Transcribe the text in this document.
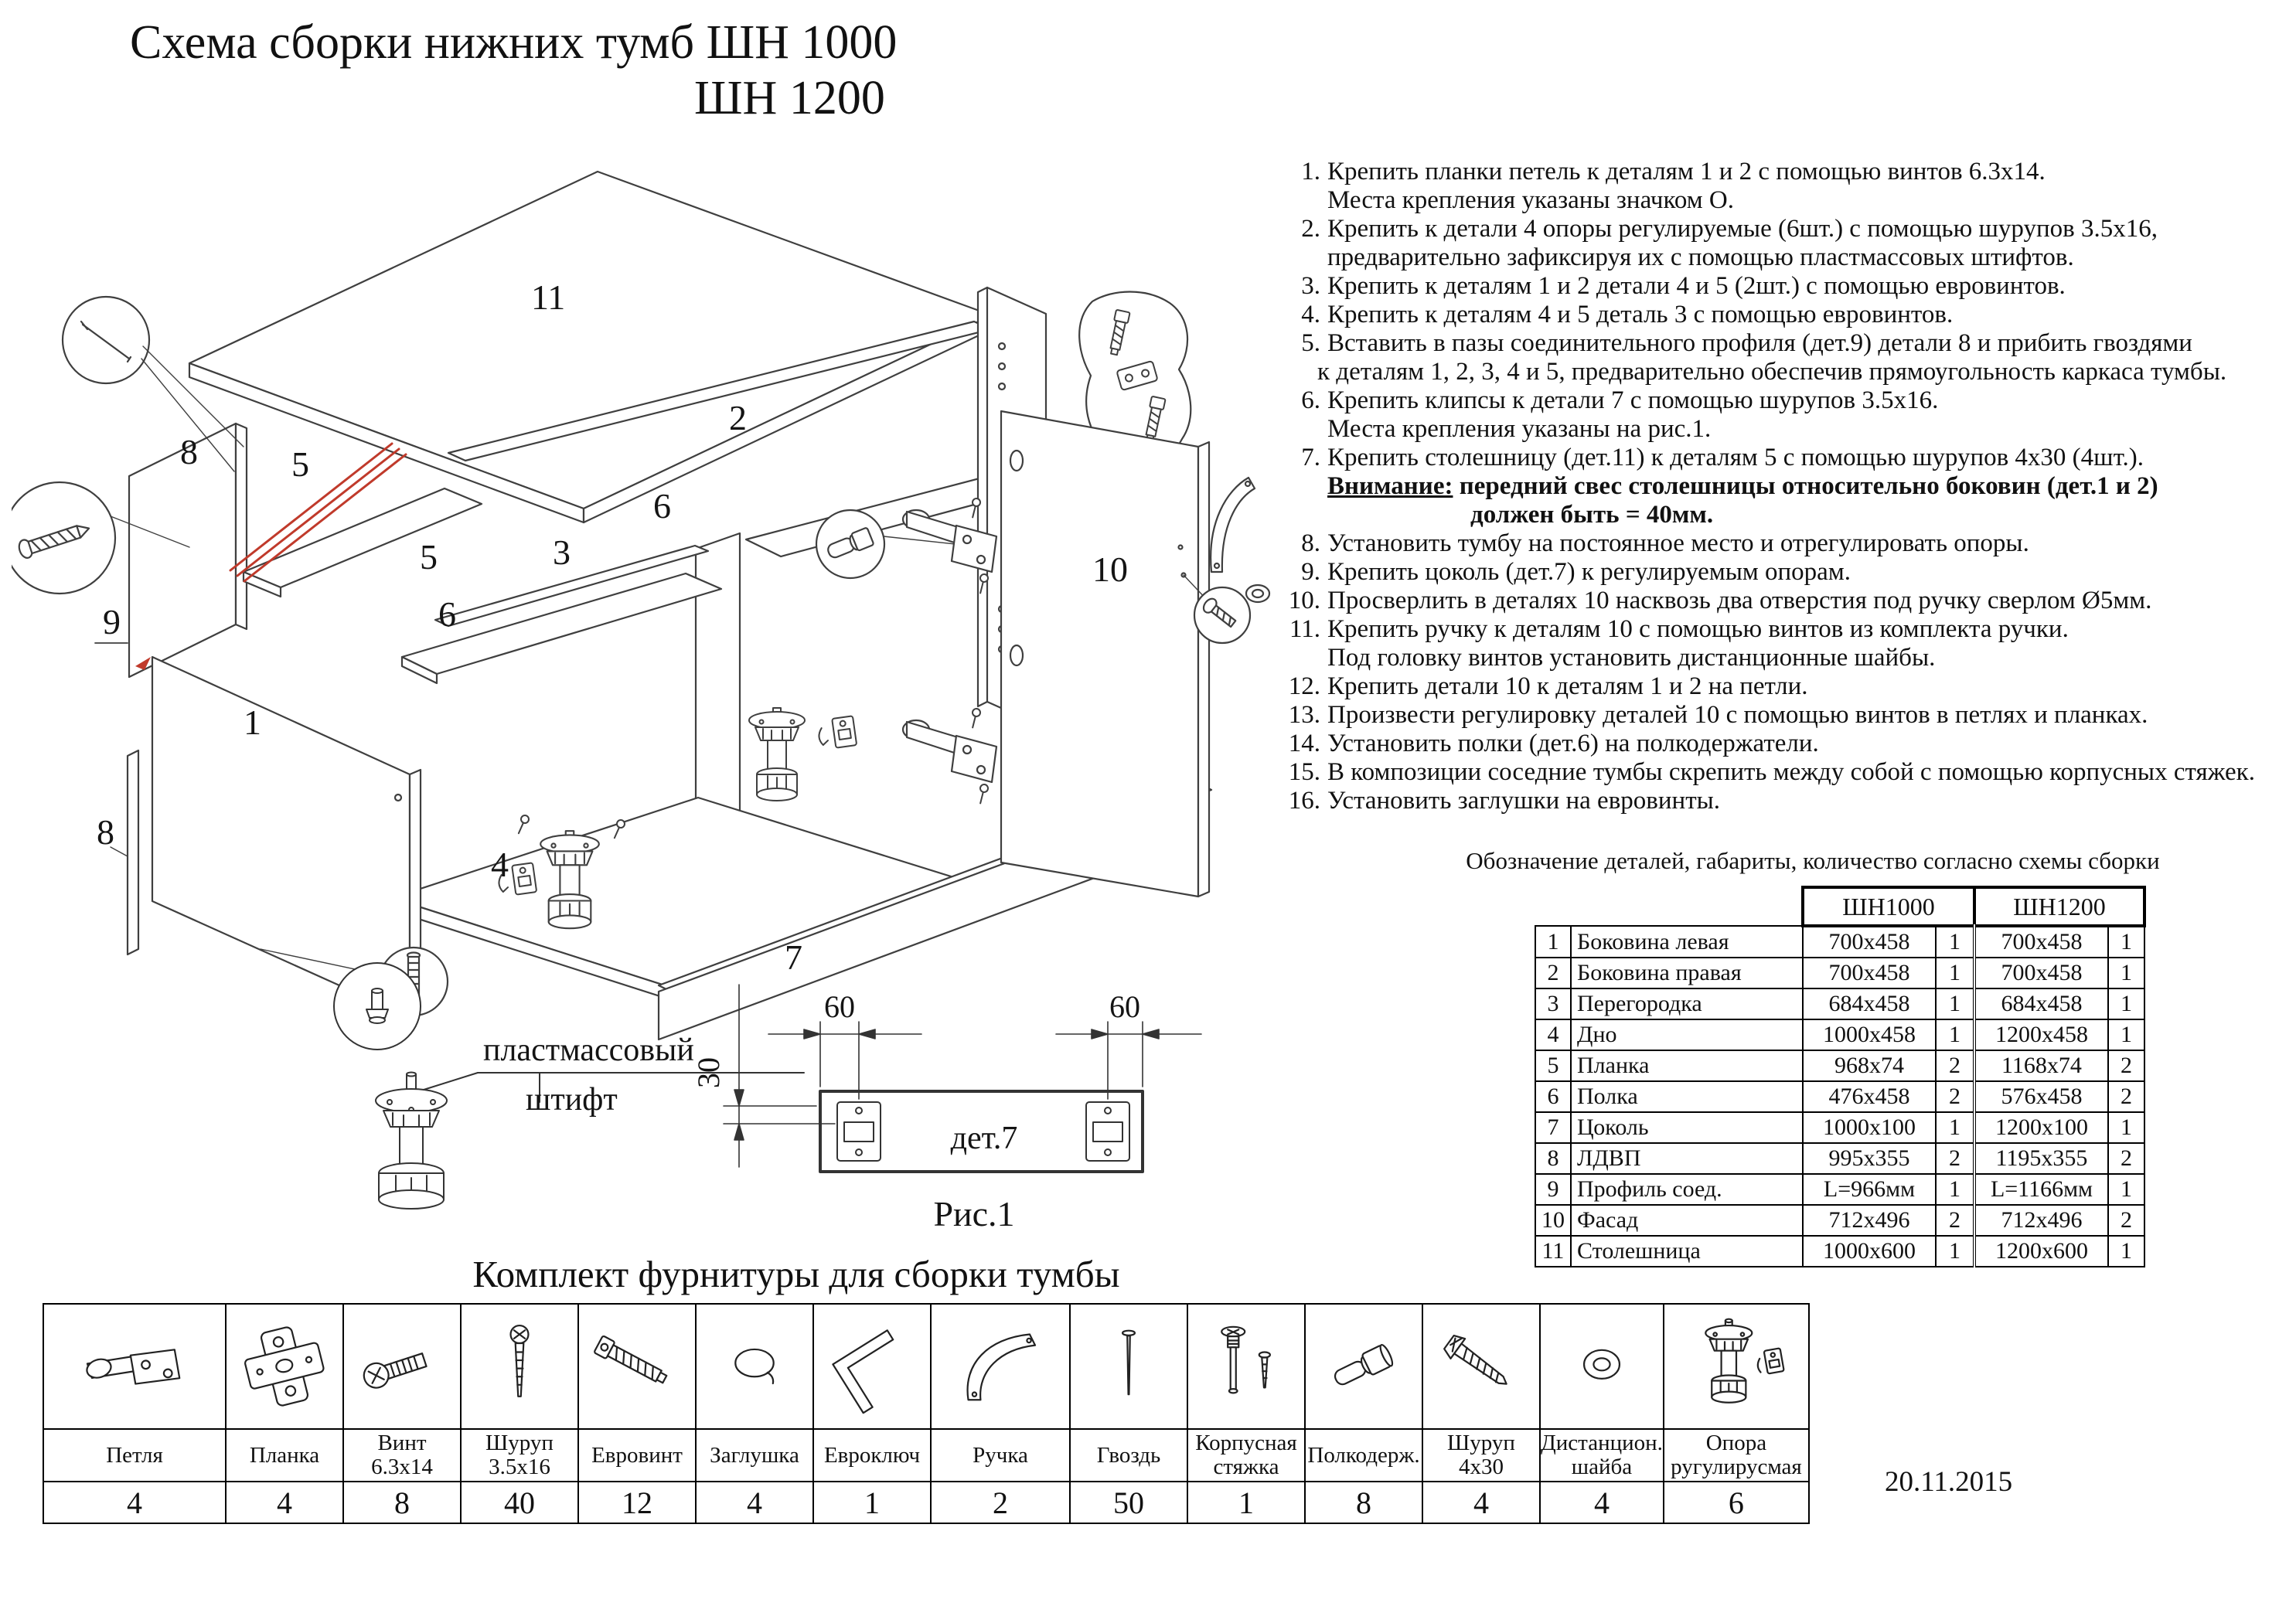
Схема сборки нижних тумб ШН 1000
ШН 1200
11
8	5
2
6
3
5
6
9
1
8
4
7
10
1. Крепить планки петель к деталям 1 и 2 с помощью винтов 6.3х14.
Места крепления указаны значком О.
2. Крепить к детали 4 опоры регулируемые (6шт.) с помощью шурупов 3.5х16,
предварительно зафиксируя их с помощью пластмассовых штифтов.
3. Крепить к деталям 1 и 2 детали 4 и 5 (2шт.) с помощью евровинтов.
4. Крепить к деталям 4 и 5 деталь 3 с помощью евровинтов.
5. Вставить в пазы соединительного профиля (дет.9) детали 8 и прибить гвоздями
к деталям 1, 2, 3, 4 и 5, предварительно обеспечив прямоугольность каркаса тумбы.
6. Крепить клипсы к детали 7 с помощью шурупов 3.5х16.
Места крепления указаны на рис.1.
7. Крепить столешницу (дет.11) к деталям 5 с помощью шурупов 4х30 (4шт.).
Внимание: передний свес столешницы относительно боковин (дет.1 и 2)
должен быть = 40мм.
8. Установить тумбу на постоянное место и отрегулировать опоры.
9. Крепить цоколь (дет.7) к регулируемым опорам.
10. Просверлить в деталях 10 насквозь два отверстия под ручку сверлом Ø5мм.
11. Крепить ручку к деталям 10 с помощью винтов из комплекта ручки.
Под головку винтов установить дистанционные шайбы.
12. Крепить детали 10 к деталям 1 и 2 на петли.
13. Произвести регулировку деталей 10 с помощью винтов в петлях и планках.
14. Установить полки (дет.6) на полкодержатели.
15. В композиции соседние тумбы скрепить между собой с помощью корпусных стяжек.
16. Установить заглушки на евровинты.
Обозначение деталей, габариты, количество согласно схемы сборки
		ШН1000		ШН1200	
1	Боковина левая	700х458	1	700х458	1
2	Боковина правая	700х458	1	700х458	1
3	Перегородка	684х458	1	684х458	1
4	Дно	1000х458	1	1200х458	1
5	Планка	968х74	2	1168х74	2
6	Полка	476х458	2	576х458	2
7	Цоколь	1000х100	1	1200х100	1
8	ЛДВП	995х355	2	1195х355	2
9	Профиль соед.	L=966мм	1	L=1166мм	1
10	Фасад	712х496	2	712х496	2
11	Столешница	1000х600	1	1200х600	1
пластмассовый
штифт
дет.7
60	60
30
Рис.1
Комплект фурнитуры для сборки тумбы

Петля	Планка	Винт
6.3х14	Шуруп
3.5х16	Евровинт	Заглушка	Евроключ	Ручка	Гвоздь	Корпусная
стяжка	Полкодерж.	Шуруп
4х30	Дистанцион.
шайба	Опора
ругулирусмая
4	4	8	40	12	4	1	2	50	1	8	4	4	6
20.11.2015
